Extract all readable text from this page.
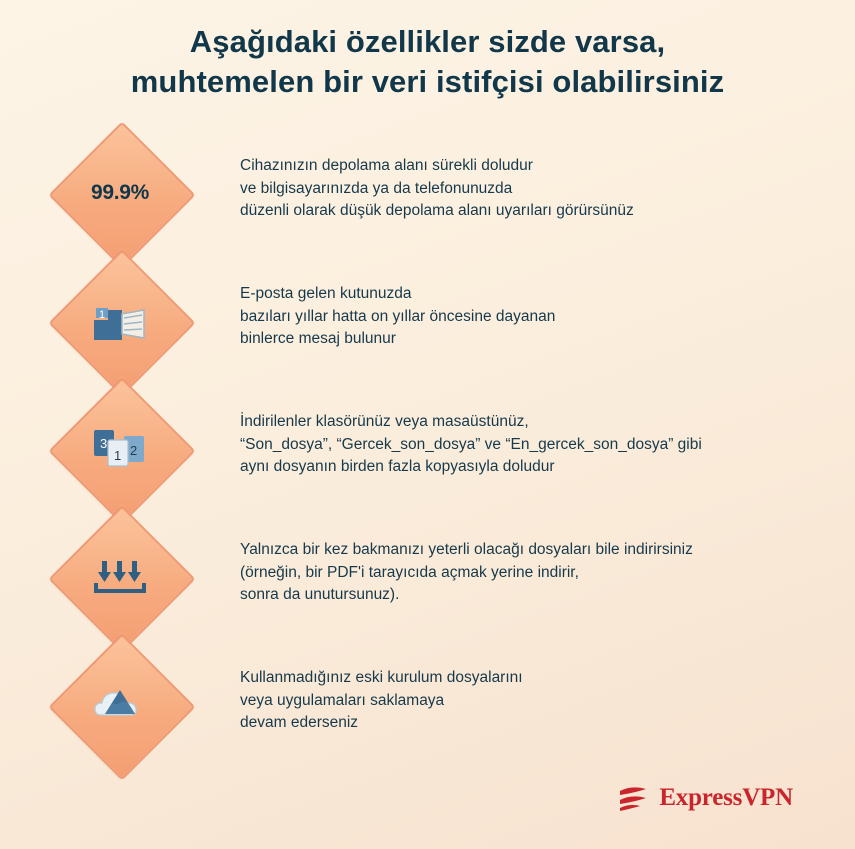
Aşağıdaki özellikler sizde varsa,
muhtemelen bir veri istifçisi olabilirsiniz
99.9%

Cihazınızın depolama alanı sürekli doludur

ve bilgisayarınızda ya da telefonunuzda

düzenli olarak düşük depolama alanı uyarıları görürsünüz

1

E-posta gelen kutunuzda

bazıları yıllar hatta on yıllar öncesine dayanan

binlerce mesaj bulunur

3 2
1

İndirilenler klasörünüz veya masaüstünüz,

“Son_dosya”, “Gercek_son_dosya” ve “En_gercek_son_dosya” gibi

aynı dosyanın birden fazla kopyasıyla doludur

Yalnızca bir kez bakmanızı yeterli olacağı dosyaları bile indirirsiniz

(örneğin, bir PDF'i tarayıcıda açmak yerine indirir,

sonra da unutursunuz).

Kullanmadığınız eski kurulum dosyalarını

veya uygulamaları saklamaya

devam ederseniz

ExpressVPN
